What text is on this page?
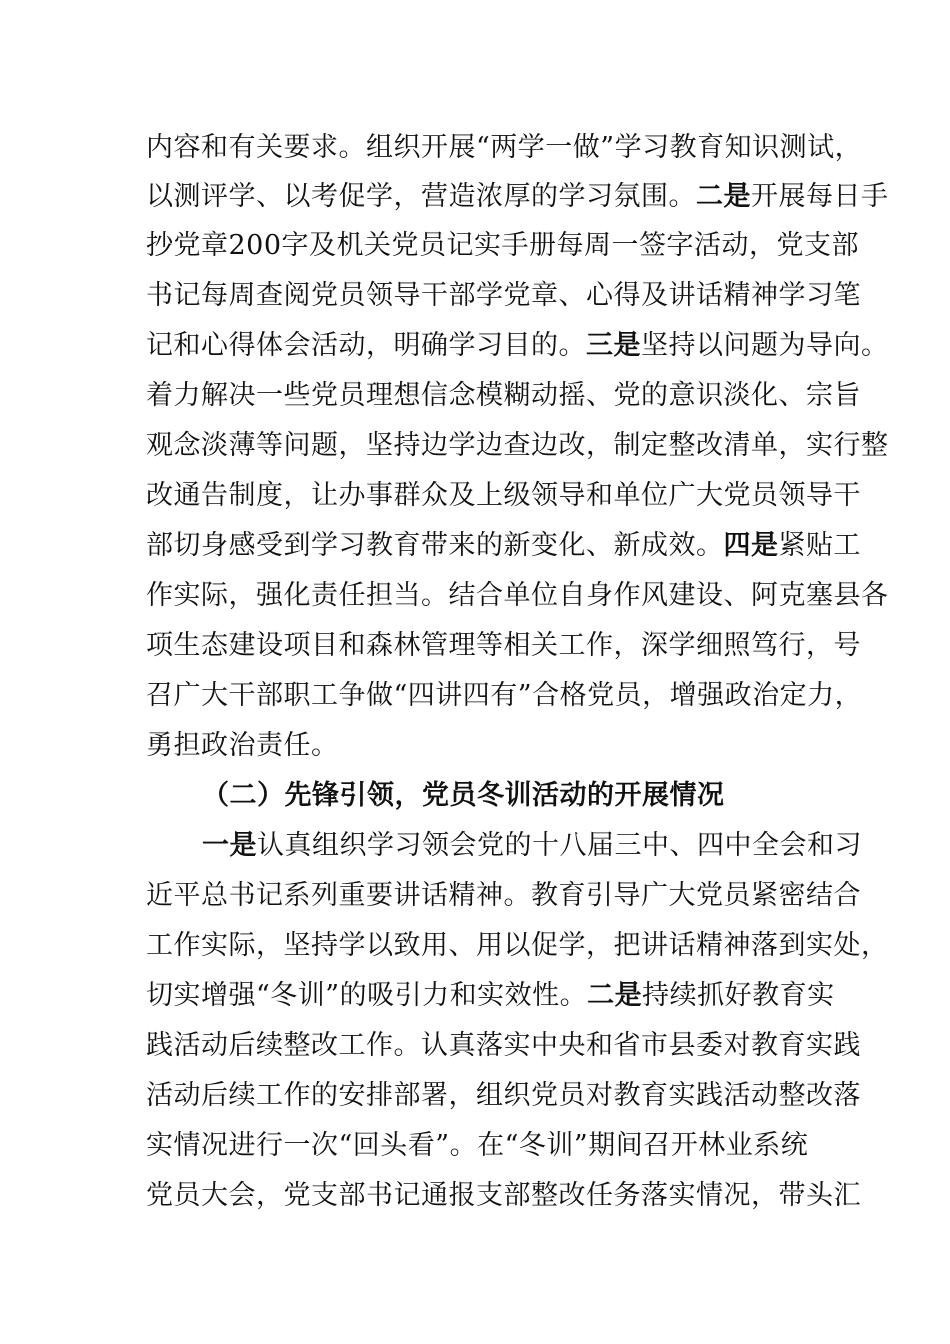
内容和有关要求。组织开展“两学一做”学习教育知识测试，
以测评学、以考促学，营造浓厚的学习氛围。二是开展每日手
抄党章200字及机关党员记实手册每周一签字活动，党支部
书记每周查阅党员领导干部学党章、心得及讲话精神学习笔
记和心得体会活动，明确学习目的。三是坚持以问题为导向。
着力解决一些党员理想信念模糊动摇、党的意识淡化、宗旨
观念淡薄等问题，坚持边学边查边改，制定整改清单，实行整
改通告制度，让办事群众及上级领导和单位广大党员领导干
部切身感受到学习教育带来的新变化、新成效。四是紧贴工
作实际，强化责任担当。结合单位自身作风建设、阿克塞县各
项生态建设项目和森林管理等相关工作，深学细照笃行，号
召广大干部职工争做“四讲四有”合格党员，增强政治定力，
勇担政治责任。
（二）先锋引领，党员冬训活动的开展情况
一是认真组织学习领会党的十八届三中、四中全会和习
近平总书记系列重要讲话精神。教育引导广大党员紧密结合
工作实际，坚持学以致用、用以促学，把讲话精神落到实处，
切实增强“冬训”的吸引力和实效性。二是持续抓好教育实
践活动后续整改工作。认真落实中央和省市县委对教育实践
活动后续工作的安排部署，组织党员对教育实践活动整改落
实情况进行一次“回头看”。在“冬训”期间召开林业系统
党员大会，党支部书记通报支部整改任务落实情况，带头汇
